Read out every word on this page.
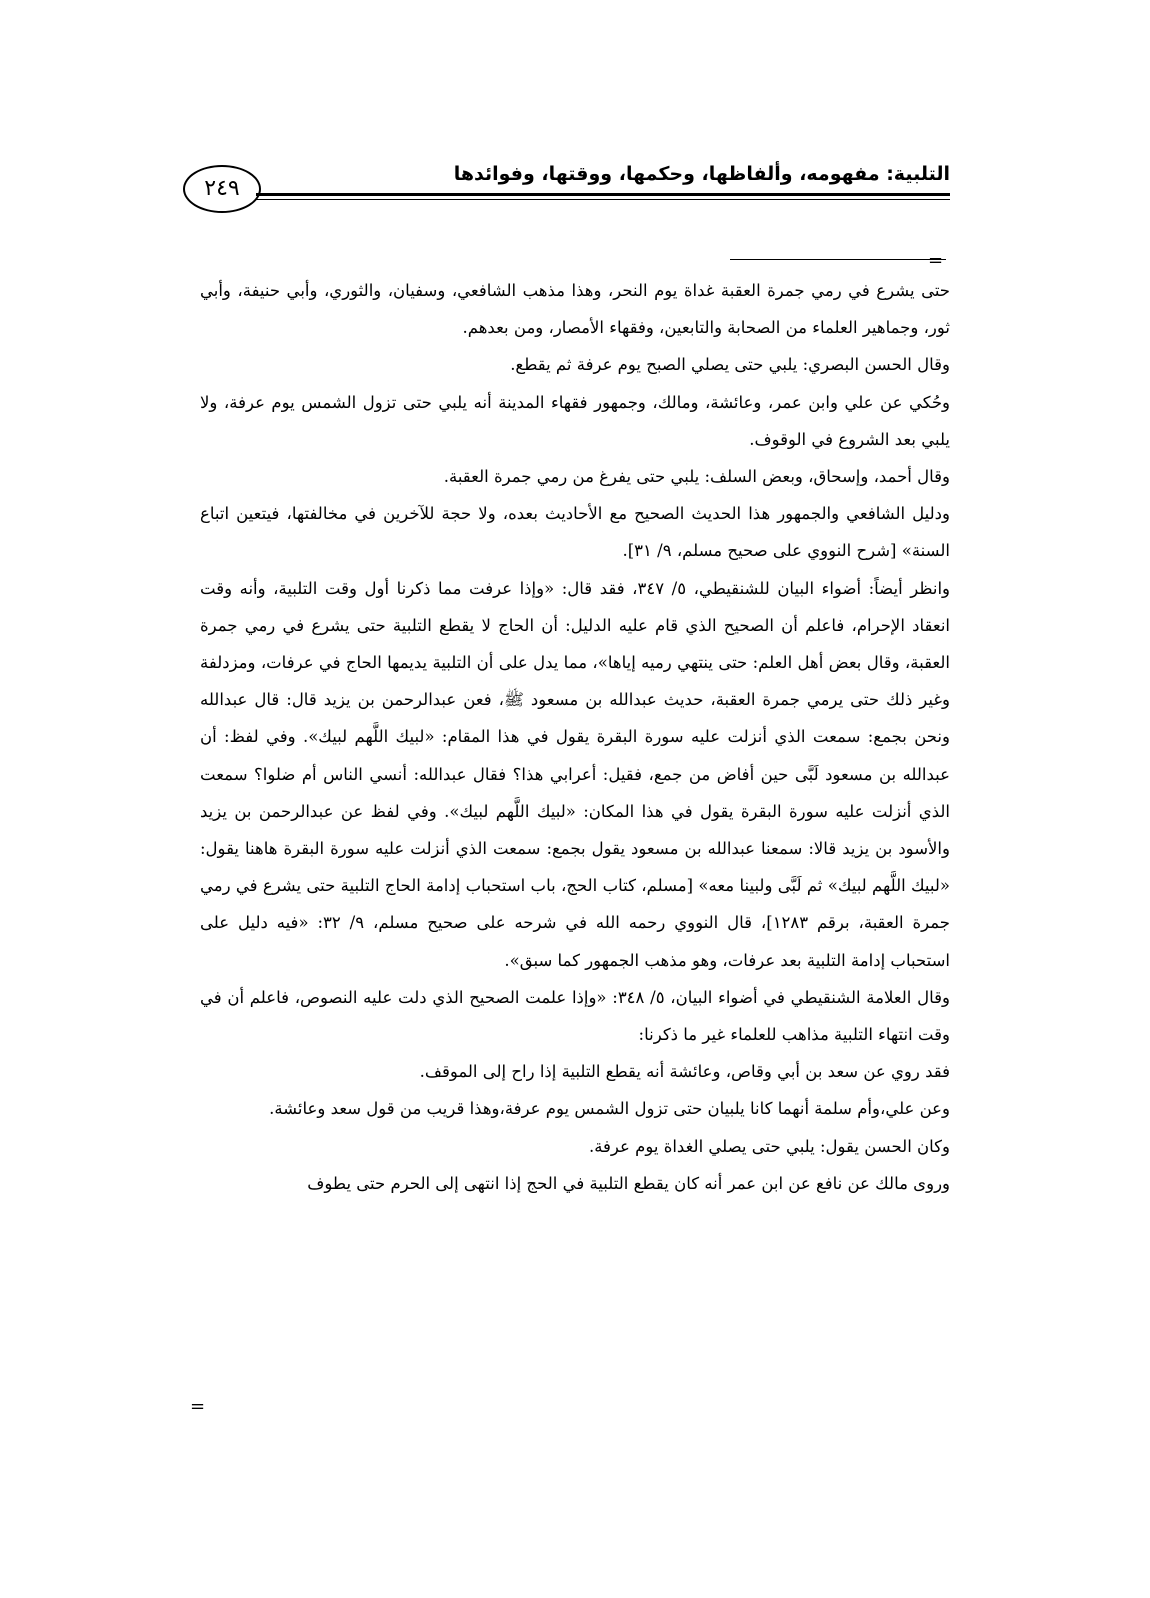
التلبية: مفهومه، وألفاظها، وحكمها، ووقتها، وفوائدها
٢٤٩
=

حتى يشرع في رمي جمرة العقبة غداة يوم النحر، وهذا مذهب الشافعي، وسفيان، والثوري، وأبي حنيفة، وأبي ثور، وجماهير العلماء من الصحابة والتابعين، وفقهاء الأمصار، ومن بعدهم.

وقال الحسن البصري: يلبي حتى يصلي الصبح يوم عرفة ثم يقطع.

وحُكي عن علي وابن عمر، وعائشة، ومالك، وجمهور فقهاء المدينة أنه يلبي حتى تزول الشمس يوم عرفة، ولا يلبي بعد الشروع في الوقوف.

وقال أحمد، وإسحاق، وبعض السلف: يلبي حتى يفرغ من رمي جمرة العقبة.

ودليل الشافعي والجمهور هذا الحديث الصحيح مع الأحاديث بعده، ولا حجة للآخرين في مخالفتها، فيتعين اتباع السنة» [شرح النووي على صحيح مسلم، ٩/ ٣١].

وانظر أيضاً: أضواء البيان للشنقيطي، ٥/ ٣٤٧، فقد قال: «وإذا عرفت مما ذكرنا أول وقت التلبية، وأنه وقت انعقاد الإحرام، فاعلم أن الصحيح الذي قام عليه الدليل: أن الحاج لا يقطع التلبية حتى يشرع في رمي جمرة العقبة، وقال بعض أهل العلم: حتى ينتهي رميه إياها»، مما يدل على أن التلبية يديمها الحاج في عرفات، ومزدلفة وغير ذلك حتى يرمي جمرة العقبة، حديث عبدالله بن مسعود ﷺ، فعن عبدالرحمن بن يزيد قال: قال عبدالله ونحن بجمع: سمعت الذي أنزلت عليه سورة البقرة يقول في هذا المقام: «لبيك اللَّهم لبيك». وفي لفظ: أن عبدالله بن مسعود لَبَّى حين أفاض من جمع، فقيل: أعرابي هذا؟ فقال عبدالله: أنسي الناس أم ضلوا؟ سمعت الذي أنزلت عليه سورة البقرة يقول في هذا المكان: «لبيك اللَّهم لبيك». وفي لفظ عن عبدالرحمن بن يزيد والأسود بن يزيد قالا: سمعنا عبدالله بن مسعود يقول بجمع: سمعت الذي أنزلت عليه سورة البقرة هاهنا يقول: «لبيك اللَّهم لبيك» ثم لَبَّى ولبينا معه» [مسلم، كتاب الحج، باب استحباب إدامة الحاج التلبية حتى يشرع في رمي جمرة العقبة، برقم ١٢٨٣]، قال النووي رحمه الله في شرحه على صحيح مسلم، ٩/ ٣٢: «فيه دليل على استحباب إدامة التلبية بعد عرفات، وهو مذهب الجمهور كما سبق».

وقال العلامة الشنقيطي في أضواء البيان، ٥/ ٣٤٨: «وإذا علمت الصحيح الذي دلت عليه النصوص، فاعلم أن في وقت انتهاء التلبية مذاهب للعلماء غير ما ذكرنا:

فقد روي عن سعد بن أبي وقاص، وعائشة أنه يقطع التلبية إذا راح إلى الموقف.

وعن علي،وأم سلمة أنهما كانا يلبيان حتى تزول الشمس يوم عرفة،وهذا قريب من قول سعد وعائشة.

وكان الحسن يقول: يلبي حتى يصلي الغداة يوم عرفة.

وروى مالك عن نافع عن ابن عمر أنه كان يقطع التلبية في الحج إذا انتهى إلى الحرم حتى يطوف

=
